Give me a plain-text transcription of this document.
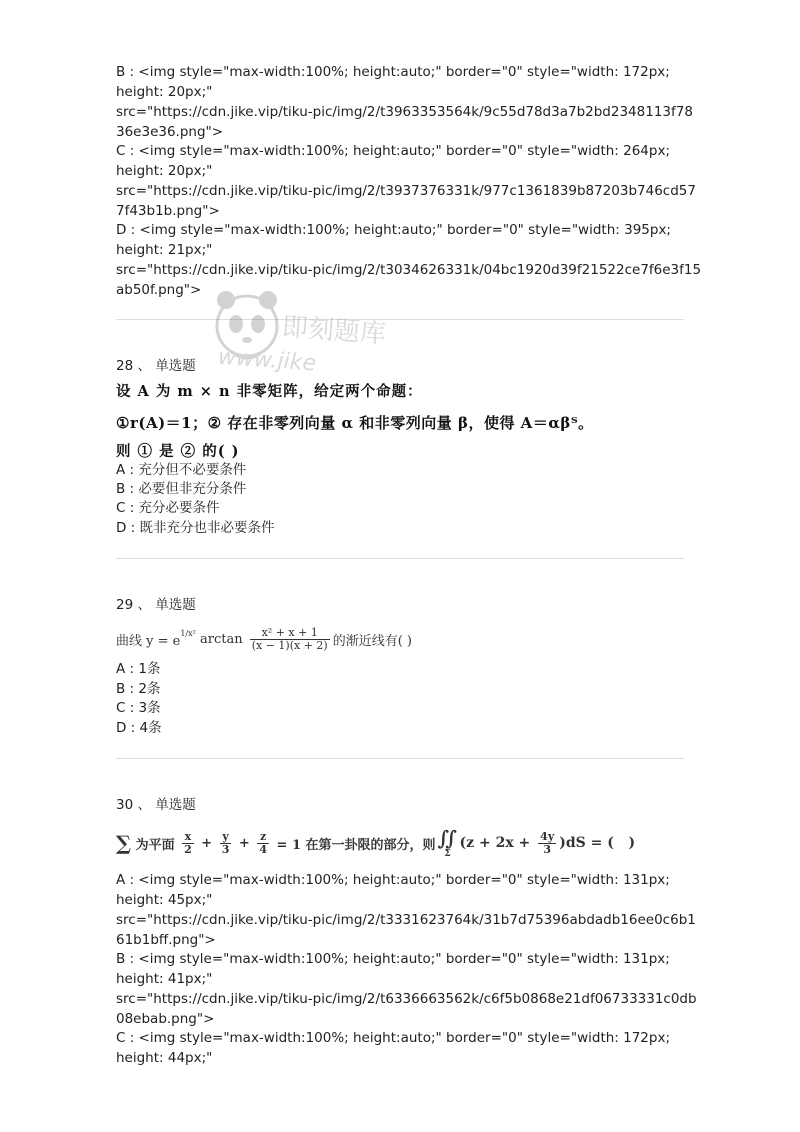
B : <img style="max-width:100%; height:auto;" border="0" style="width: 172px;
height: 20px;"
src="https://cdn.jike.vip/tiku-pic/img/2/t3963353564k/9c55d78d3a7b2bd2348113f78
36e3e36.png">
C : <img style="max-width:100%; height:auto;" border="0" style="width: 264px;
height: 20px;"
src="https://cdn.jike.vip/tiku-pic/img/2/t3937376331k/977c1361839b87203b746cd57
7f43b1b.png">
D : <img style="max-width:100%; height:auto;" border="0" style="width: 395px;
height: 21px;"
src="https://cdn.jike.vip/tiku-pic/img/2/t3034626331k/04bc1920d39f21522ce7f6e3f15
ab50f.png">
即刻题库
www.jike
28 、 单选题
设 A 为 m × n 非零矩阵，给定两个命题：
①r(A)＝1；② 存在非零列向量 α 和非零列向量 β，使得 A＝αβᵀ。
则 ① 是 ② 的( )
A : 充分但不必要条件
B : 必要但非充分条件
C : 充分必要条件
D : 既非充分也非必要条件
29 、 单选题
曲线 y = e
$^{1/x^2}$ $\arctan \frac{\text{x² + x + 1}}{(x - 1)(x + 2)}$ 的渐近线有( )
A : 1条
B : 2条
C : 3条
D : 4条
30 、 单选题
∑ 为平面 $\frac{x}{2} + \frac{y}{3} + \frac{z}{4} = 1$ 在第一卦限的部分，则 ∬
Σ
$(z + 2x + \frac{4y}{3} )dS$ = (   )
A : <img style="max-width:100%; height:auto;" border="0" style="width: 131px;
height: 45px;"
src="https://cdn.jike.vip/tiku-pic/img/2/t3331623764k/31b7d75396abdadb16ee0c6b1
61b1bff.png">
B : <img style="max-width:100%; height:auto;" border="0" style="width: 131px;
height: 41px;"
src="https://cdn.jike.vip/tiku-pic/img/2/t6336663562k/c6f5b0868e21df06733331c0db
08ebab.png">
C : <img style="max-width:100%; height:auto;" border="0" style="width: 172px;
height: 44px;"
